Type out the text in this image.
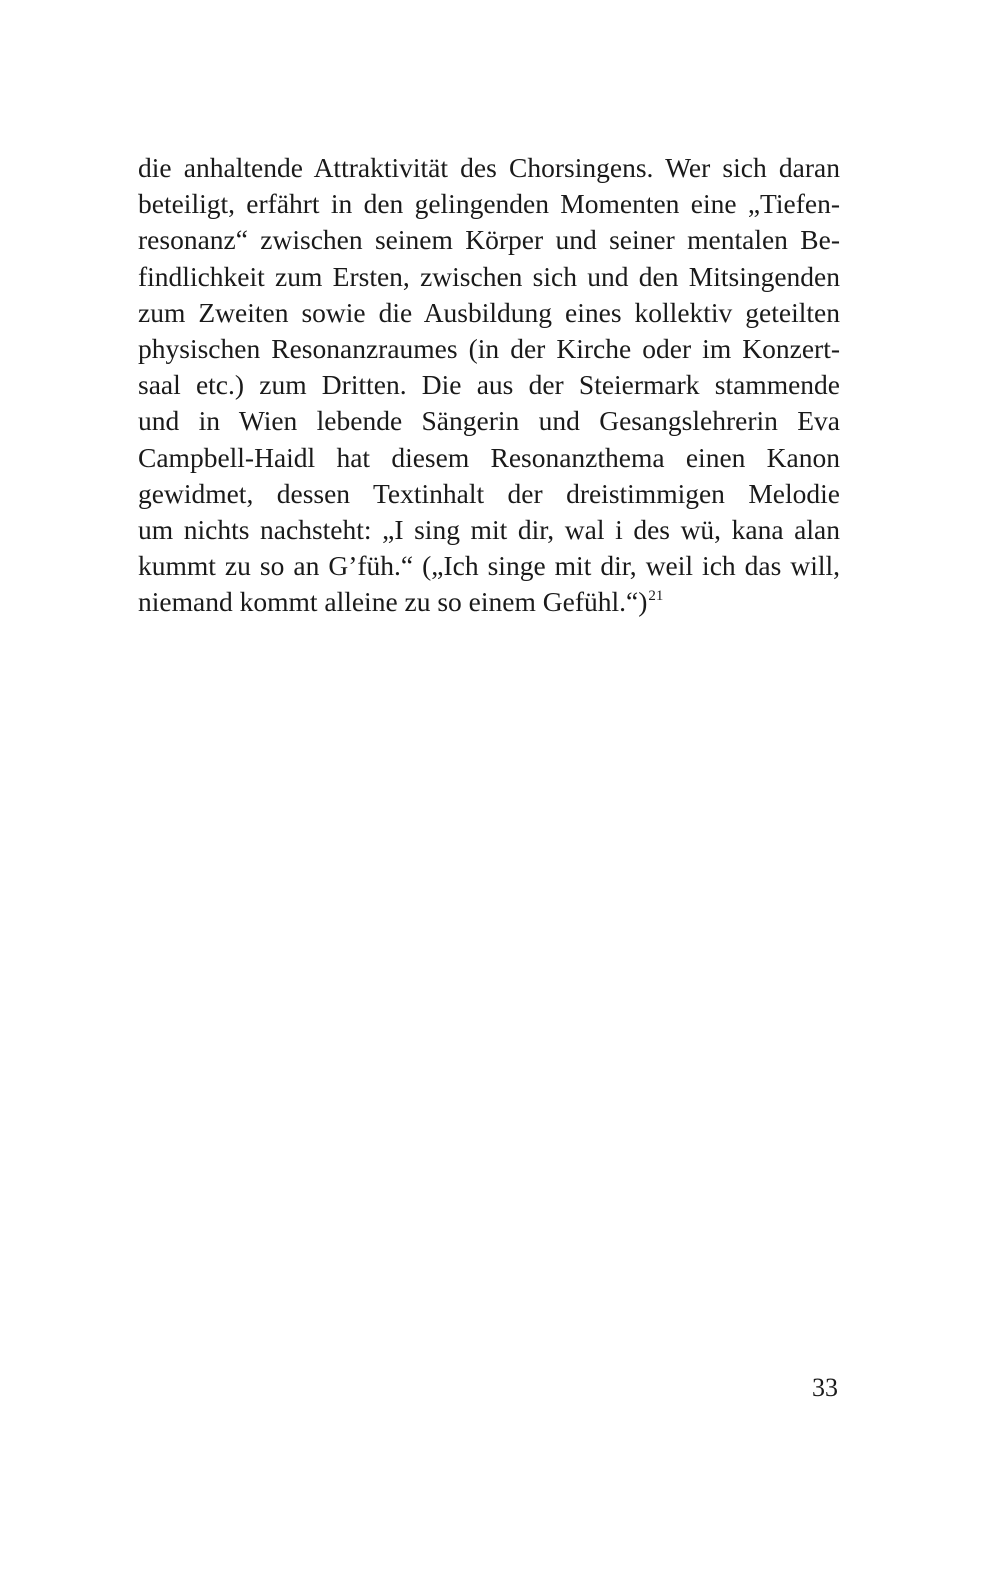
die anhaltende Attraktivität des Chorsingens. Wer sich daran
beteiligt, erfährt in den gelingenden Momenten eine „Tiefen-
resonanz“ zwischen seinem Körper und seiner mentalen Be-
findlichkeit zum Ersten, zwischen sich und den Mitsingenden
zum Zweiten sowie die Ausbildung eines kollektiv geteilten
physischen Resonanzraumes (in der Kirche oder im Konzert-
saal etc.) zum Dritten. Die aus der Steiermark stammende
und in Wien lebende Sängerin und Gesangslehrerin Eva
Campbell-Haidl hat diesem Resonanzthema einen Kanon
gewidmet, dessen Textinhalt der dreistimmigen Melodie
um nichts nachsteht: „I sing mit dir, wal i des wü, kana alan
kummt zu so an G’füh.“ („Ich singe mit dir, weil ich das will,
niemand kommt alleine zu so einem Gefühl.“)$^{21}$
33
